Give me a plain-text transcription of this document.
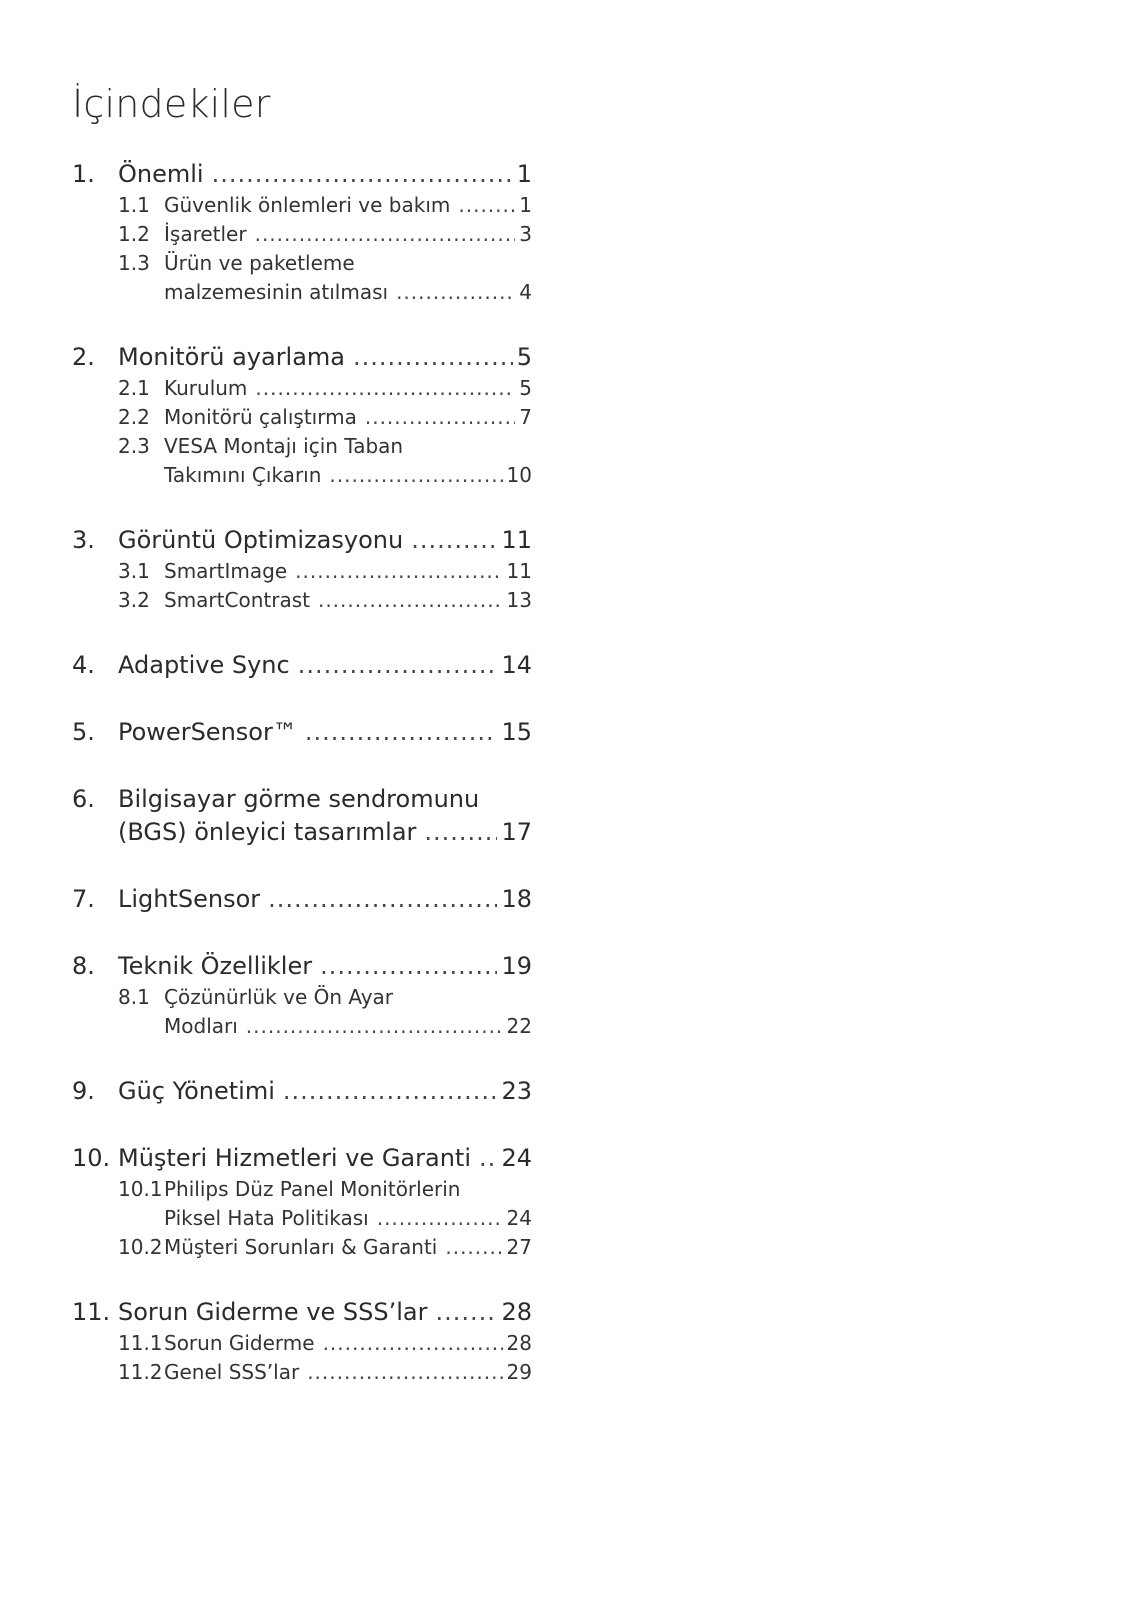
İçindekiler
1. Önemli .....	1
1.1 Güvenlik önlemleri ve bakım .....	1
1.2 İşaretler .....	3
1.3 Ürün ve paketleme
malzemesinin atılması .....	4
2. Monitörü ayarlama .....	5
2.1 Kurulum .....	5
2.2 Monitörü çalıştırma .....	7
2.3 VESA Montajı için Taban
Takımını Çıkarın .....	10
3. Görüntü Optimizasyonu .....	11
3.1 SmartImage .....	11
3.2 SmartContrast .....	13
4. Adaptive Sync .....	14
5. PowerSensor™ .....	15
6. Bilgisayar görme sendromunu
(BGS) önleyici tasarımlar .....	17
7. LightSensor .....	18
8. Teknik Özellikler .....	19
8.1 Çözünürlük ve Ön Ayar
Modları .....	22
9. Güç Yönetimi .....	23
10. Müşteri Hizmetleri ve Garanti ..... 24
10.1 Philips Düz Panel Monitörlerin
Piksel Hata Politikası .....	24
10.2 Müşteri Sorunları & Garanti .....	27
11. Sorun Giderme ve SSS’lar .....	28
11.1 Sorun Giderme .....	28
11.2 Genel SSS’lar .....	29
